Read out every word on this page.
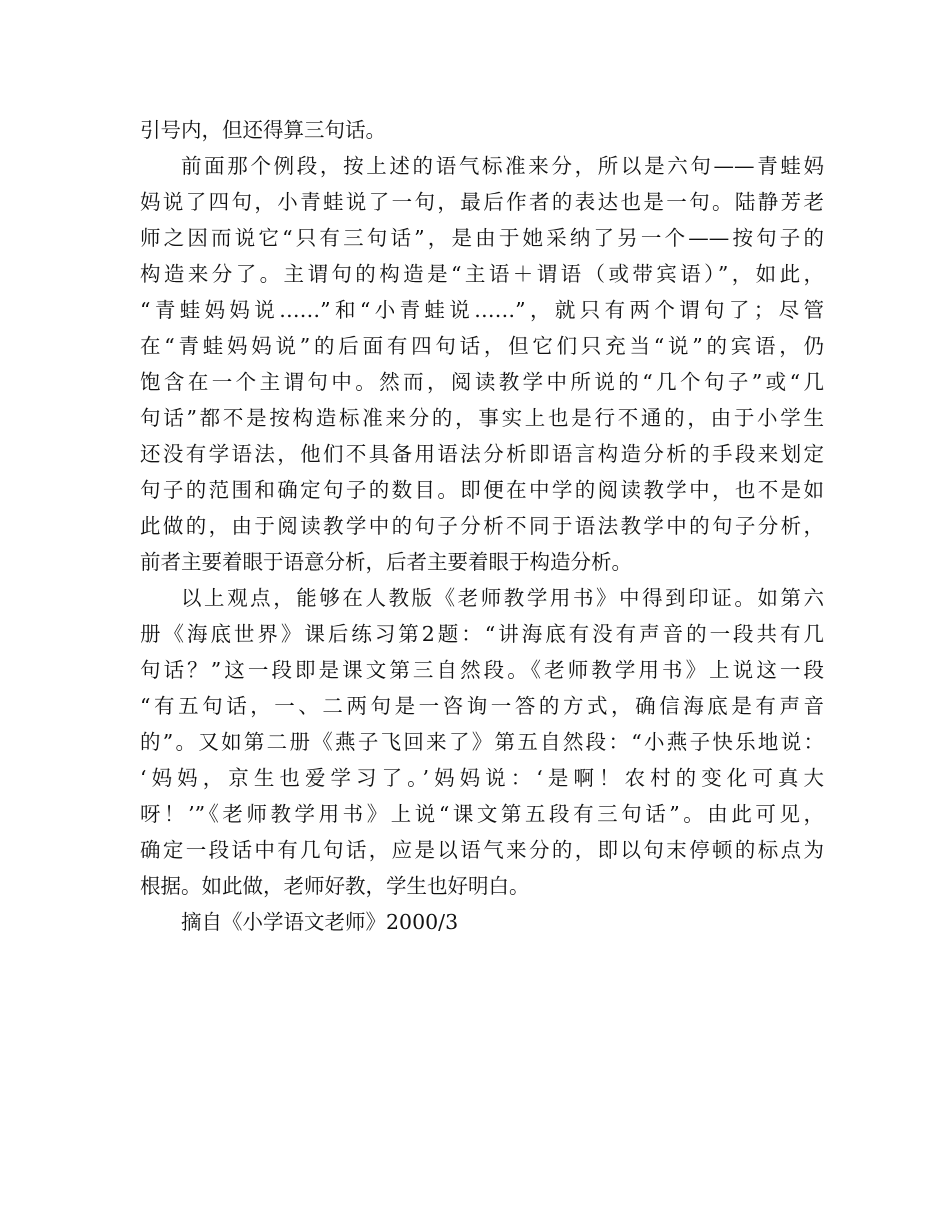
引号内，但还得算三句话。
前面那个例段，按上述的语气标准来分，所以是六句——青蛙妈
妈说了四句，小青蛙说了一句，最后作者的表达也是一句。陆静芳老
师之因而说它“只有三句话”，是由于她采纳了另一个——按句子的
构造来分了。主谓句的构造是“主语＋谓语（或带宾语）”，如此，
“青蛙妈妈说……”和“小青蛙说……”，就只有两个谓句了；尽管
在“青蛙妈妈说”的后面有四句话，但它们只充当“说”的宾语，仍
饱含在一个主谓句中。然而，阅读教学中所说的“几个句子”或“几
句话”都不是按构造标准来分的，事实上也是行不通的，由于小学生
还没有学语法，他们不具备用语法分析即语言构造分析的手段来划定
句子的范围和确定句子的数目。即便在中学的阅读教学中，也不是如
此做的，由于阅读教学中的句子分析不同于语法教学中的句子分析，
前者主要着眼于语意分析，后者主要着眼于构造分析。
以上观点，能够在人教版《老师教学用书》中得到印证。如第六
册《海底世界》课后练习第2题：“讲海底有没有声音的一段共有几
句话？”这一段即是课文第三自然段。《老师教学用书》上说这一段
“有五句话，一、二两句是一咨询一答的方式，确信海底是有声音
的”。又如第二册《燕子飞回来了》第五自然段：“小燕子快乐地说：
‘妈妈，京生也爱学习了。’妈妈说：‘是啊！农村的变化可真大
呀！’”《老师教学用书》上说“课文第五段有三句话”。由此可见，
确定一段话中有几句话，应是以语气来分的，即以句末停顿的标点为
根据。如此做，老师好教，学生也好明白。
摘自《小学语文老师》2000/3
